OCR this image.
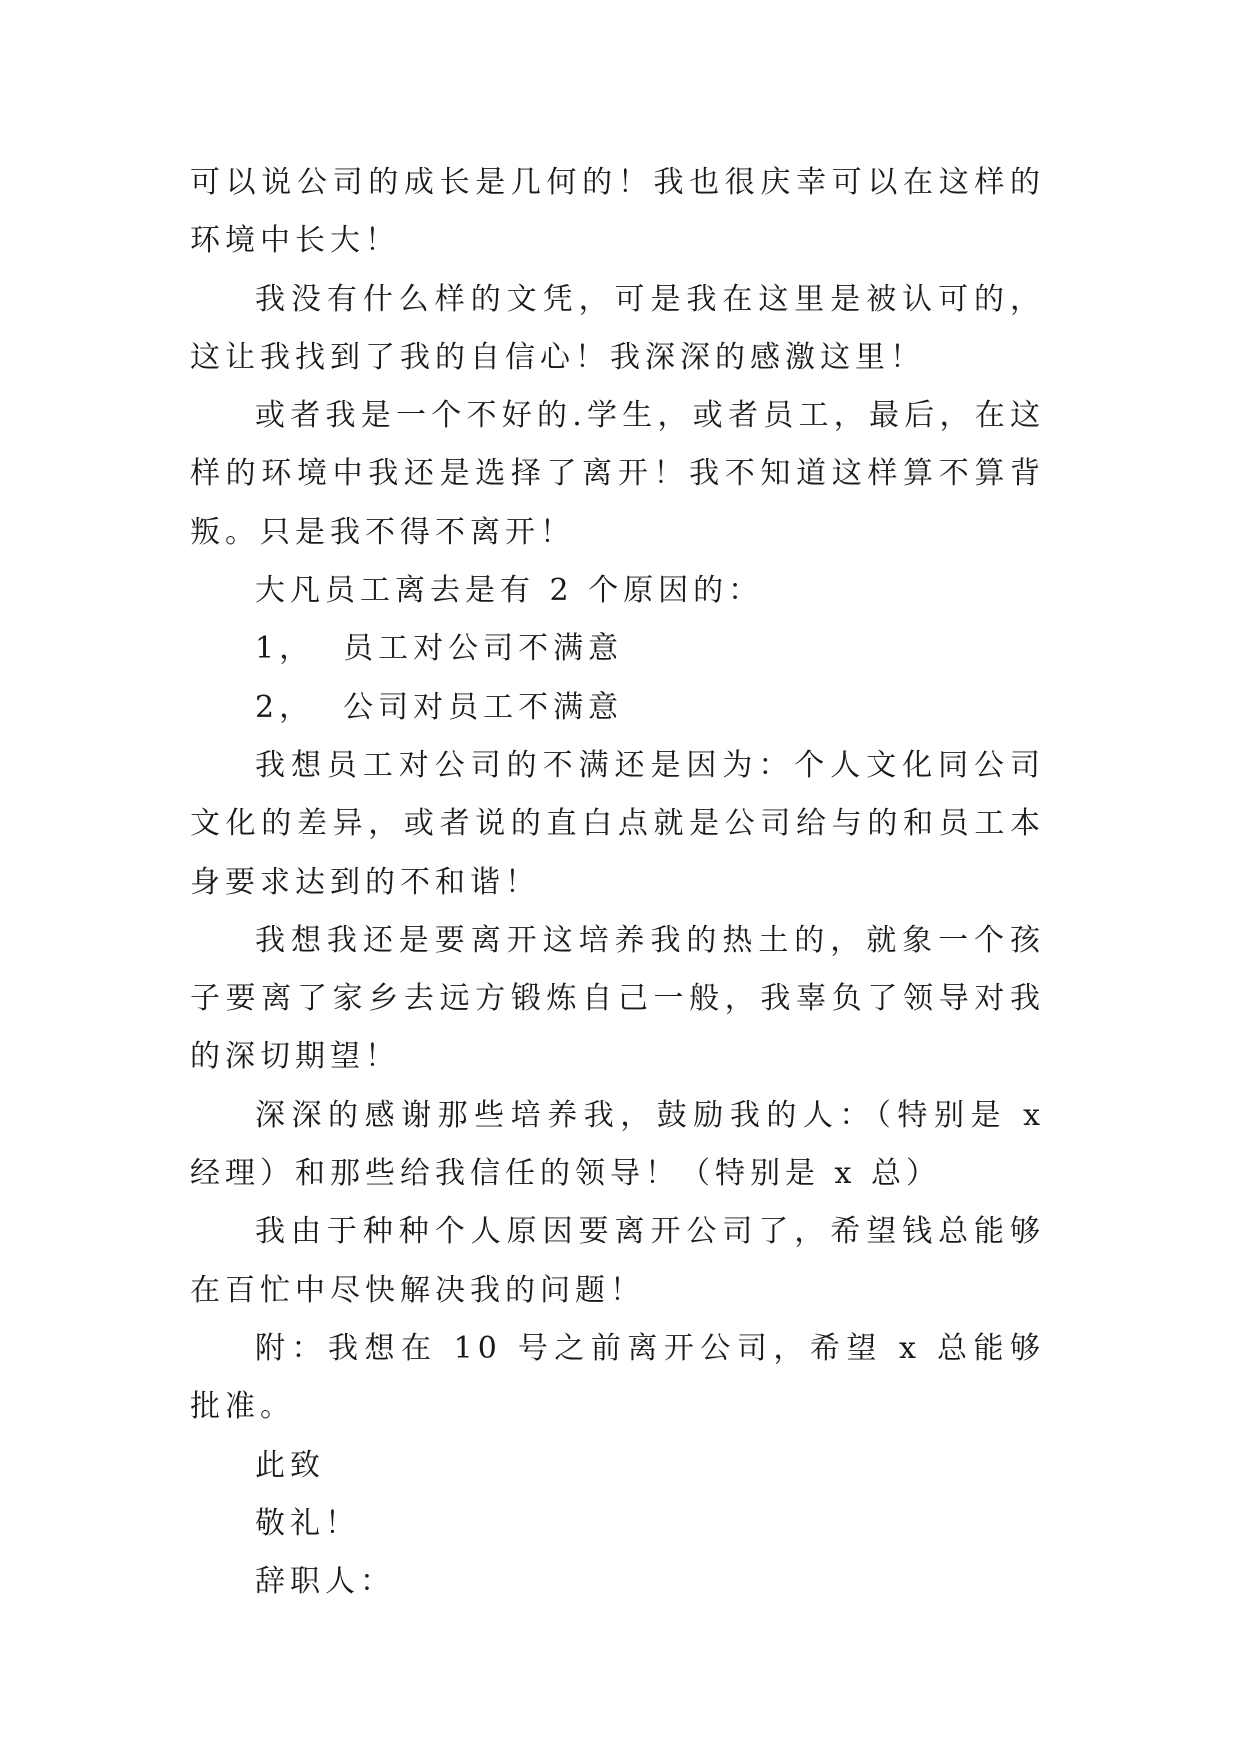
可以说公司的成长是几何的！我也很庆幸可以在这样的环境中长大！

我没有什么样的文凭，可是我在这里是被认可的，这让我找到了我的自信心！我深深的感激这里！

或者我是一个不好的.学生，或者员工，最后，在这样的环境中我还是选择了离开！我不知道这样算不算背叛。只是我不得不离开！

大凡员工离去是有 2 个原因的：

1， 员工对公司不满意
2， 公司对员工不满意

我想员工对公司的不满还是因为：个人文化同公司文化的差异，或者说的直白点就是公司给与的和员工本身要求达到的不和谐！

我想我还是要离开这培养我的热土的，就象一个孩子要离了家乡去远方锻炼自己一般，我辜负了领导对我的深切期望！

深深的感谢那些培养我，鼓励我的人：（特别是 x 经理）和那些给我信任的领导！（特别是 x 总）

我由于种种个人原因要离开公司了，希望钱总能够在百忙中尽快解决我的问题！

附：我想在 10 号之前离开公司，希望 x 总能够批准。

此致
敬礼！
辞职人：
